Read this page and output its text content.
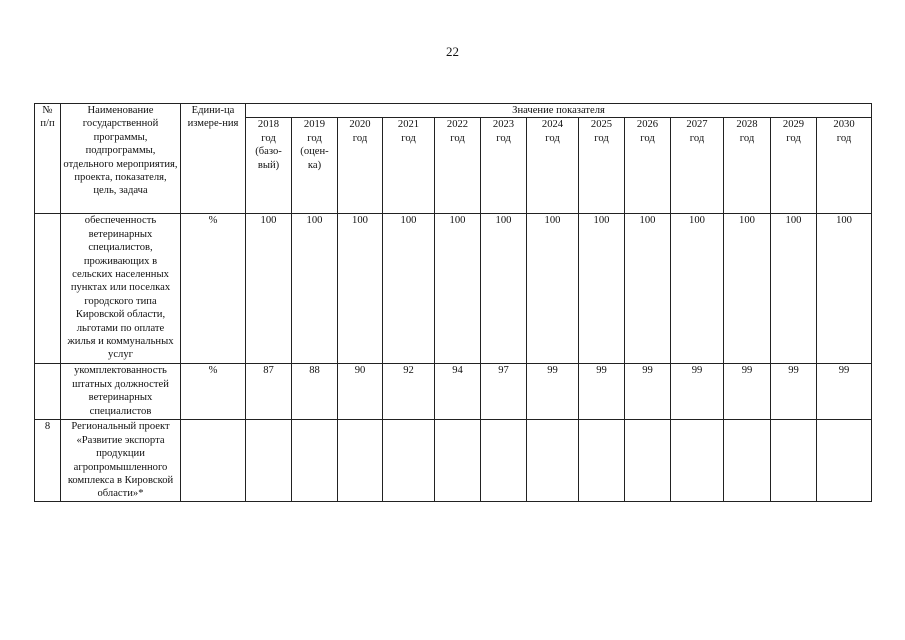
22
№ п/п	Наименование государственной программы, подпрограммы, отдельного мероприятия, проекта, показателя, цель, задача	Едини-ца измере-ния	Значение показателя												
			2018
год
(базо-
вый)	2019
год
(оцен-
ка)	2020
год	2021
год	2022
год	2023
год	2024
год	2025
год	2026
год	2027
год	2028
год	2029
год	2030
год
	обеспеченность ветеринарных специалистов, проживающих в сельских населенных пунктах или поселках городского типа Кировской области, льготами по оплате жилья и коммунальных услуг	%	100	100	100	100	100	100	100	100	100	100	100	100	100
	укомплектованность штатных должностей ветеринарных специалистов	%	87	88	90	92	94	97	99	99	99	99	99	99	99
8	Региональный проект «Развитие экспорта продукции агропромышленного комплекса в Кировской области»*														
